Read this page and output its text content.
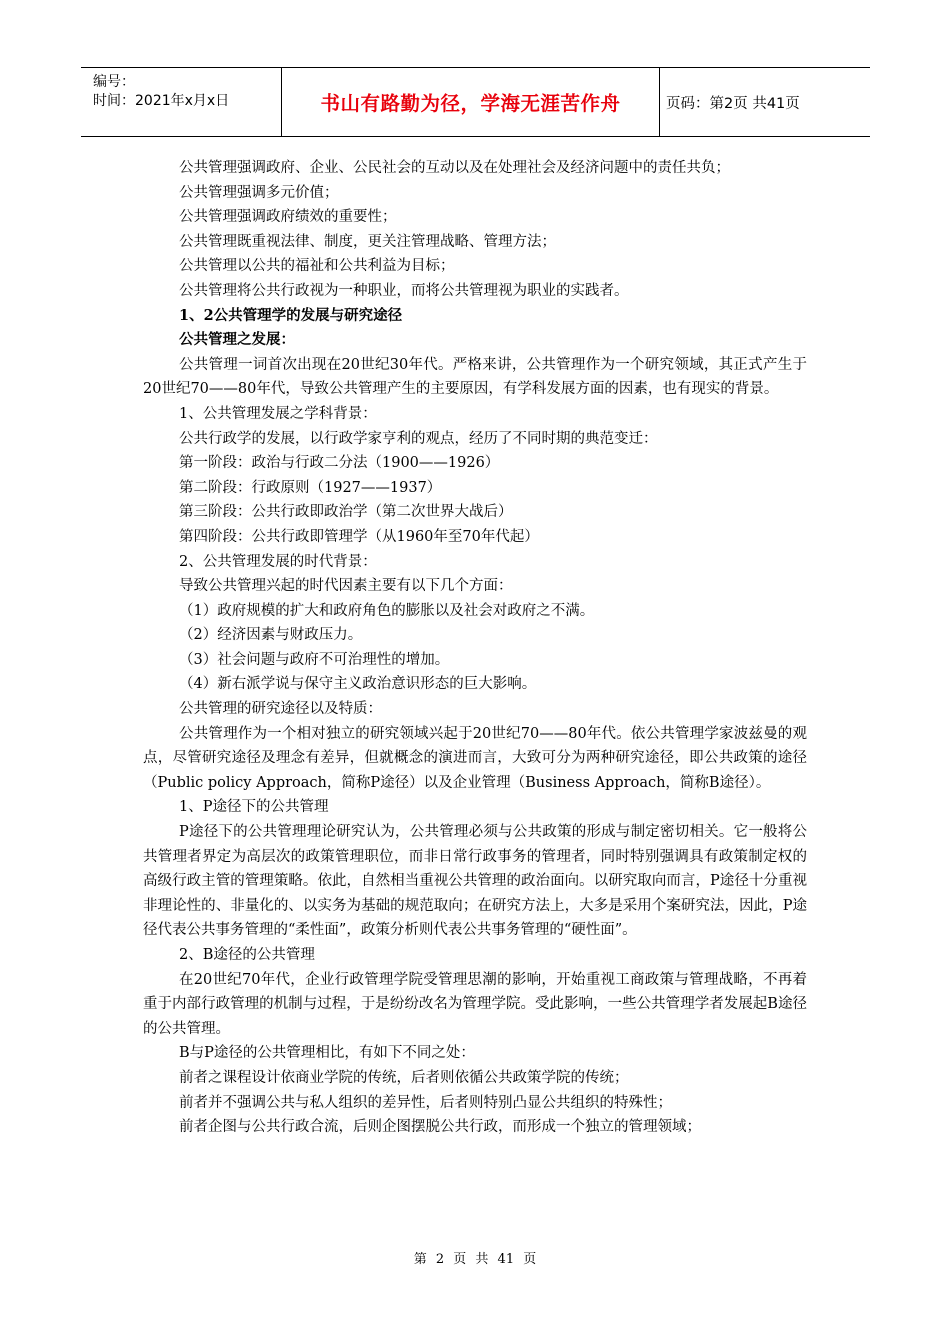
编号：
时间：2021年x月x日	书山有路勤为径，学海无涯苦作舟	页码：第2页 共41页
公共管理强调政府、企业、公民社会的互动以及在处理社会及经济问题中的责任共负；
公共管理强调多元价值；
公共管理强调政府绩效的重要性；
公共管理既重视法律、制度，更关注管理战略、管理方法；
公共管理以公共的福祉和公共利益为目标；
公共管理将公共行政视为一种职业，而将公共管理视为职业的实践者。
1、2公共管理学的发展与研究途径
公共管理之发展：
公共管理一词首次出现在20世纪30年代。严格来讲，公共管理作为一个研究领域，其正式产生于20世纪70——80年代，导致公共管理产生的主要原因，有学科发展方面的因素，也有现实的背景。
1、公共管理发展之学科背景：
公共行政学的发展，以行政学家亨利的观点，经历了不同时期的典范变迁：
第一阶段：政治与行政二分法（1900——1926）
第二阶段：行政原则（1927——1937）
第三阶段：公共行政即政治学（第二次世界大战后）
第四阶段：公共行政即管理学（从1960年至70年代起）
2、公共管理发展的时代背景：
导致公共管理兴起的时代因素主要有以下几个方面：
（1）政府规模的扩大和政府角色的膨胀以及社会对政府之不满。
（2）经济因素与财政压力。
（3）社会问题与政府不可治理性的增加。
（4）新右派学说与保守主义政治意识形态的巨大影响。
公共管理的研究途径以及特质：
公共管理作为一个相对独立的研究领域兴起于20世纪70——80年代。依公共管理学家波兹曼的观点，尽管研究途径及理念有差异，但就概念的演进而言，大致可分为两种研究途径，即公共政策的途径（Public policy Approach，简称P途径）以及企业管理（Business Approach，简称B途径）。
1、P途径下的公共管理
P途径下的公共管理理论研究认为，公共管理必须与公共政策的形成与制定密切相关。它一般将公共管理者界定为高层次的政策管理职位，而非日常行政事务的管理者，同时特别强调具有政策制定权的高级行政主管的管理策略。依此，自然相当重视公共管理的政治面向。以研究取向而言，P途径十分重视非理论性的、非量化的、以实务为基础的规范取向；在研究方法上，大多是采用个案研究法，因此，P途径代表公共事务管理的“柔性面”，政策分析则代表公共事务管理的“硬性面”。
2、B途径的公共管理
在20世纪70年代，企业行政管理学院受管理思潮的影响，开始重视工商政策与管理战略，不再着重于内部行政管理的机制与过程，于是纷纷改名为管理学院。受此影响，一些公共管理学者发展起B途径的公共管理。
B与P途径的公共管理相比，有如下不同之处：
前者之课程设计依商业学院的传统，后者则依循公共政策学院的传统；
前者并不强调公共与私人组织的差异性，后者则特别凸显公共组织的特殊性；
前者企图与公共行政合流，后则企图摆脱公共行政，而形成一个独立的管理领域；
第 2 页 共 41 页
